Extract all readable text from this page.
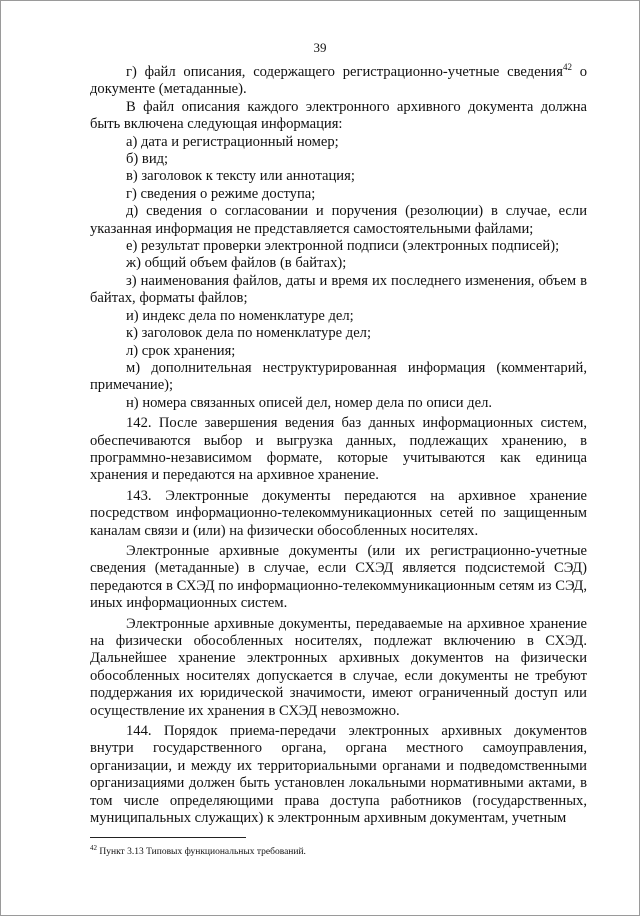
39

г) файл описания, содержащего регистрационно-учетные сведения$^{42}$ о документе (метаданные).

В файл описания каждого электронного архивного документа должна быть включена следующая информация:

а) дата и регистрационный номер;

б) вид;

в) заголовок к тексту или аннотация;

г) сведения о режиме доступа;

д) сведения о согласовании и поручения (резолюции) в случае, если указанная информация не представляется самостоятельными файлами;

е) результат проверки электронной подписи (электронных подписей);

ж) общий объем файлов (в байтах);

з) наименования файлов, даты и время их последнего изменения, объем в байтах, форматы файлов;

и) индекс дела по номенклатуре дел;

к) заголовок дела по номенклатуре дел;

л) срок хранения;

м) дополнительная неструктурированная информация (комментарий, примечание);

н) номера связанных описей дел, номер дела по описи дел.

142. После завершения ведения баз данных информационных систем, обеспечиваются выбор и выгрузка данных, подлежащих хранению, в программно-независимом формате, которые учитываются как единица хранения и передаются на архивное хранение.

143. Электронные документы передаются на архивное хранение посредством информационно-телекоммуникационных сетей по защищенным каналам связи и (или) на физически обособленных носителях.

Электронные архивные документы (или их регистрационно-учетные сведения (метаданные) в случае, если СХЭД является подсистемой СЭД) передаются в СХЭД по информационно-телекоммуникационным сетям из СЭД, иных информационных систем.

Электронные архивные документы, передаваемые на архивное хранение на физически обособленных носителях, подлежат включению в СХЭД. Дальнейшее хранение электронных архивных документов на физически обособленных носителях допускается в случае, если документы не требуют поддержания их юридической значимости, имеют ограниченный доступ или осуществление их хранения в СХЭД невозможно.

144. Порядок приема-передачи электронных архивных документов внутри государственного органа, органа местного самоуправления, организации, и между их территориальными органами и подведомственными организациями должен быть установлен локальными нормативными актами, в том числе определяющими права доступа работников (государственных, муниципальных служащих) к электронным архивным документам, учетным

$^{42}$ Пункт 3.13 Типовых функциональных требований.
